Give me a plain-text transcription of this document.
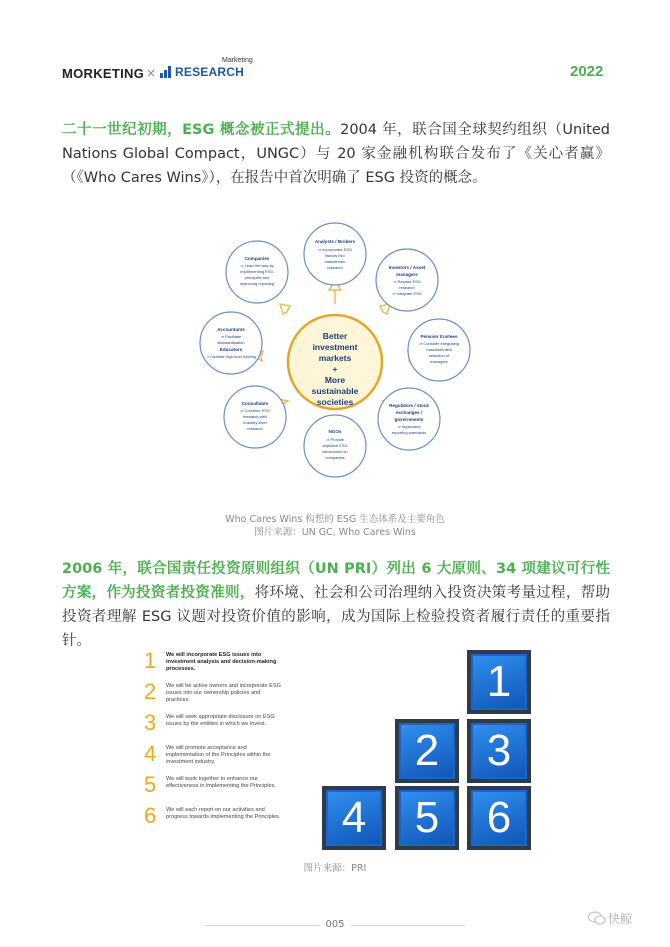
MORKETING ×
Marketing
RESEARCH	2022
二十一世纪初期，ESG 概念被正式提出。2004 年，联合国全球契约组织（United Nations Global Compact，UNGC）与 20 家金融机构联合发布了《关心者赢》（《Who Cares Wins》），在报告中首次明确了 ESG 投资的概念。
Better
investment
markets
+
More
sustainable
societies
Analysts / Brokers
⇒ Incorporate ESG
factors into
mainstream
research	Investors / Asset
managers
⇒ Reward ESG
research
⇒ Integrate ESG
Pension trustees
⇒ Consider integrating
mandates and
selection of
managers
Regulators / stock
exchanges /
governments
⇒ Implement
reporting standards
NGOs
⇒ Provide
objective ESG
information on
companies
Consultants
⇒ Combine ESG
research with
industry level
research
Accountants
⇒ Facilitate
standardisation
Educators
⇒ Facilitate 'high-level' thinking
Companies
⇒ Lead the way by
implementing ESG
principles and
improving reporting
Who Cares Wins 构想的 ESG 生态体系及主要角色
图片来源：UN GC, Who Cares Wins
2006 年，联合国责任投资原则组织（UN PRI）列出 6 大原则、34 项建议可行性方案，作为投资者投资准则，将环境、社会和公司治理纳入投资决策考量过程，帮助投资者理解 ESG 议题对投资价值的影响，成为国际上检验投资者履行责任的重要指针。
1 We will incorporate ESG issues into investment analysis and decision-making processes.
2 We will be active owners and incorporate ESG issues into our ownership policies and practices.
3 We will seek appropriate disclosure on ESG issues by the entities in which we invest.
4 We will promote acceptance and implementation of the Principles within the investment industry.
5 We will work together to enhance our effectiveness in implementing the Principles.
6 We will each report on our activities and progress towards implementing the Principles.
1
2	3
4	5	6
图片来源：PRI
005	快鲸
